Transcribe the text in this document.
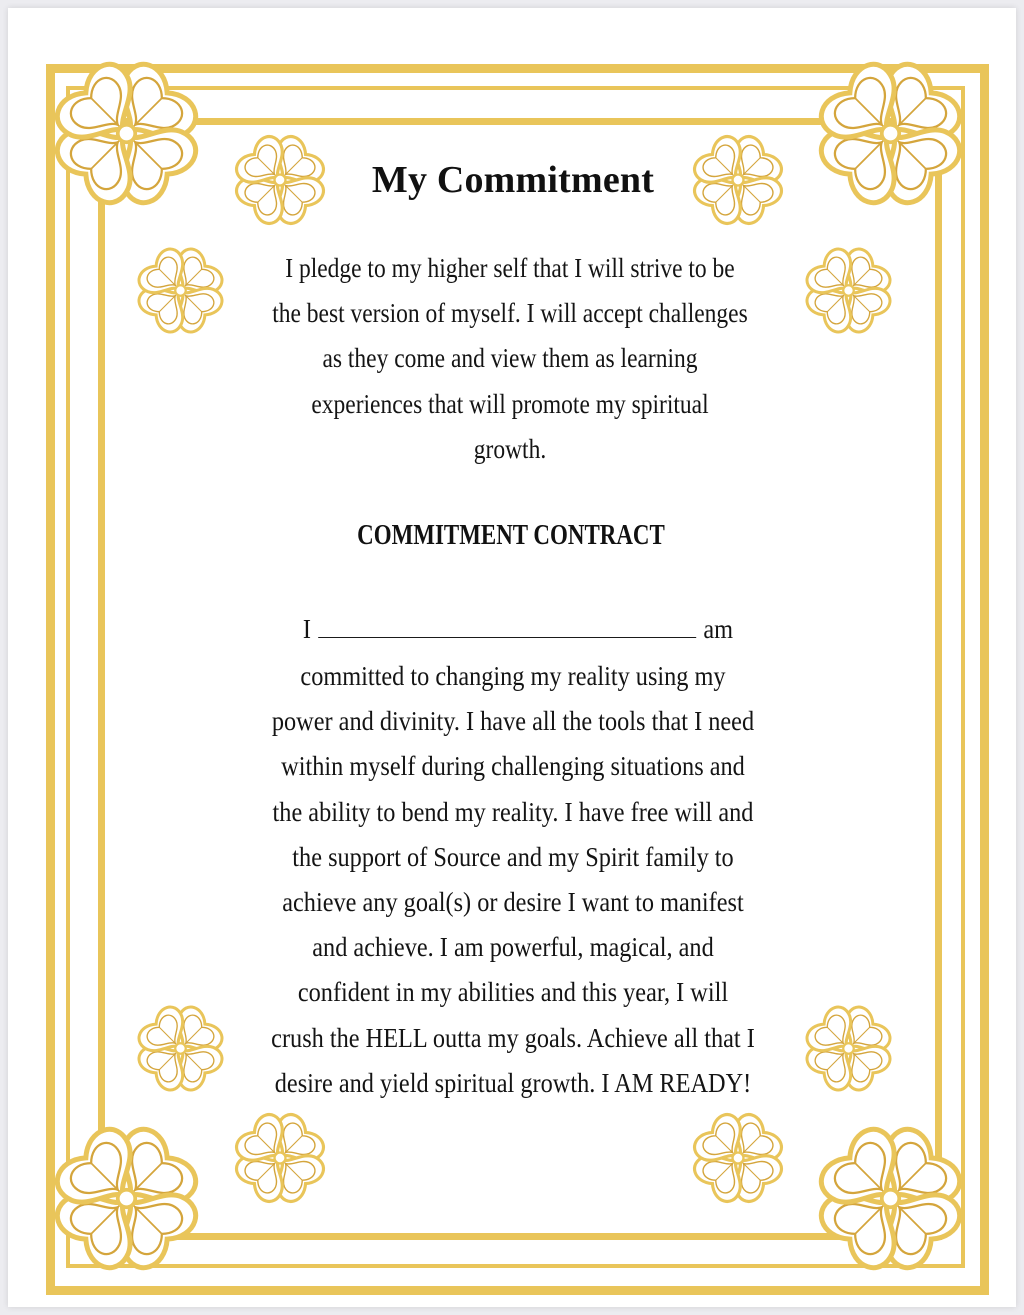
My Commitment
I pledge to my higher self that I will strive to be
the best version of myself. I will accept challenges
as they come and view them as learning
experiences that will promote my spiritual
growth.
COMMITMENT CONTRACT
I	am
committed to changing my reality using my
power and divinity. I have all the tools that I need
within myself during challenging situations and
the ability to bend my reality. I have free will and
the support of Source and my Spirit family to
achieve any goal(s) or desire I want to manifest
and achieve. I am powerful, magical, and
confident in my abilities and this year, I will
crush the HELL outta my goals. Achieve all that I
desire and yield spiritual growth. I AM READY!
